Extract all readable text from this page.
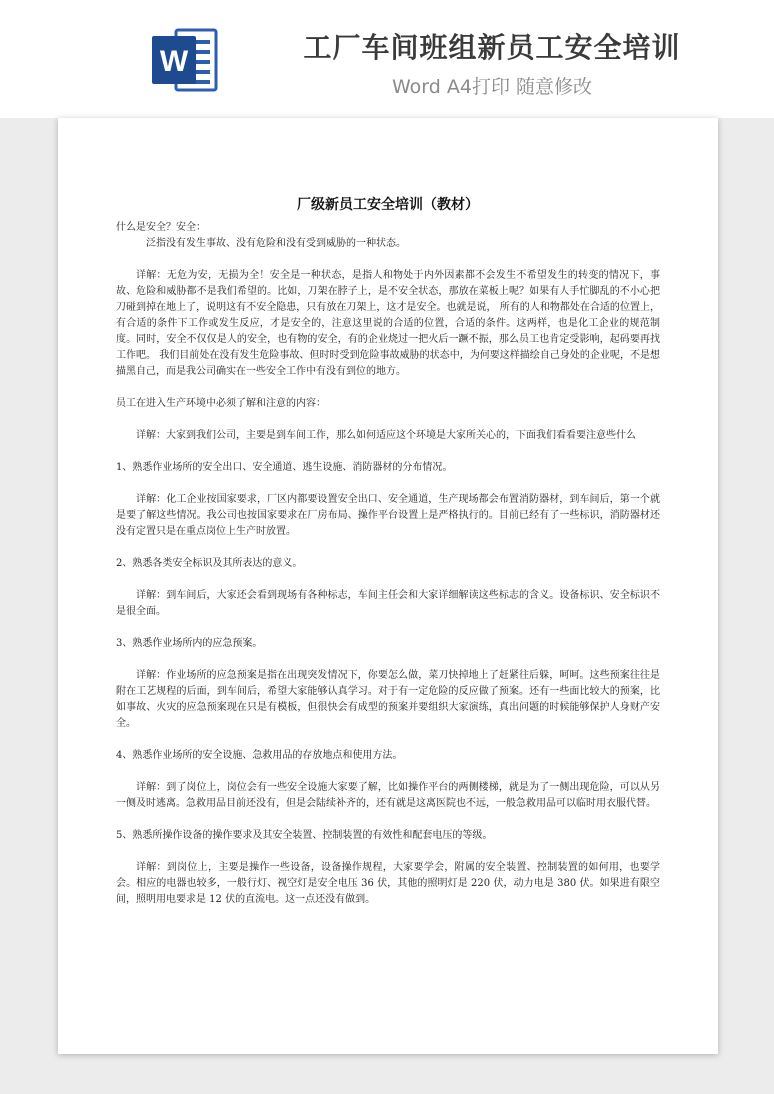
W	工厂车间班组新员工安全培训
Word A4打印 随意修改
厂级新员工安全培训（教材）

什么是安全？安全：

泛指没有发生事故、没有危险和没有受到威胁的一种状态。

详解：无危为安，无损为全！安全是一种状态，是指人和物处于内外因素都不会发生不希望发生的转变的情况下，事故、危险和威胁都不是我们希望的。比如，刀架在脖子上，是不安全状态，那放在菜板上呢？如果有人手忙脚乱的不小心把刀碰到掉在地上了，说明这有不安全隐患，只有放在刀架上，这才是安全。也就是说， 所有的人和物都处在合适的位置上，有合适的条件下工作或发生反应，才是安全的，注意这里说的合适的位置，合适的条件。这两样，也是化工企业的规范制度。同时，安全不仅仅是人的安全，也有物的安全，有的企业烧过一把火后一蹶不振，那么员工也肯定受影响，起码要再找工作吧。 我们目前处在没有发生危险事故、但时时受到危险事故威胁的状态中，为何要这样描绘自己身处的企业呢，不是想描黑自己，而是我公司确实在一些安全工作中有没有到位的地方。

员工在进入生产环境中必须了解和注意的内容：

详解：大家到我们公司，主要是到车间工作，那么如何适应这个环境是大家所关心的，下面我们看看要注意些什么

1、熟悉作业场所的安全出口、安全通道、逃生设施、消防器材的分布情况。

详解：化工企业按国家要求，厂区内都要设置安全出口、安全通道，生产现场都会布置消防器材，到车间后，第一个就是要了解这些情况。我公司也按国家要求在厂房布局、操作平台设置上是严格执行的。目前已经有了一些标识，消防器材还没有定置只是在重点岗位上生产时放置。

2、熟悉各类安全标识及其所表达的意义。

详解：到车间后，大家还会看到现场有各种标志，车间主任会和大家详细解读这些标志的含义。设备标识、安全标识不是很全面。

3、熟悉作业场所内的应急预案。

详解：作业场所的应急预案是指在出现突发情况下，你要怎么做，菜刀快掉地上了赶紧往后躲，呵呵。这些预案往往是附在工艺规程的后面，到车间后，希望大家能够认真学习。对于有一定危险的反应做了预案。还有一些面比较大的预案，比如事故、火灾的应急预案现在只是有模板，但很快会有成型的预案并要组织大家演练，真出问题的时候能够保护人身财产安全。

4、熟悉作业场所的安全设施、急救用品的存放地点和使用方法。

详解：到了岗位上，岗位会有一些安全设施大家要了解，比如操作平台的两侧楼梯，就是为了一侧出现危险，可以从另一侧及时逃离。急救用品目前还没有，但是会陆续补齐的，还有就是这离医院也不远，一般急救用品可以临时用衣服代替。

5、熟悉所操作设备的操作要求及其安全装置、控制装置的有效性和配套电压的等级。

详解：到岗位上，主要是操作一些设备，设备操作规程，大家要学会，附属的安全装置、控制装置的如何用，也要学会。相应的电器也较多，一般行灯、视空灯是安全电压 36 伏，其他的照明灯是 220 伏，动力电是 380 伏。如果进有限空间，照明用电要求是 12 伏的直流电。这一点还没有做到。
